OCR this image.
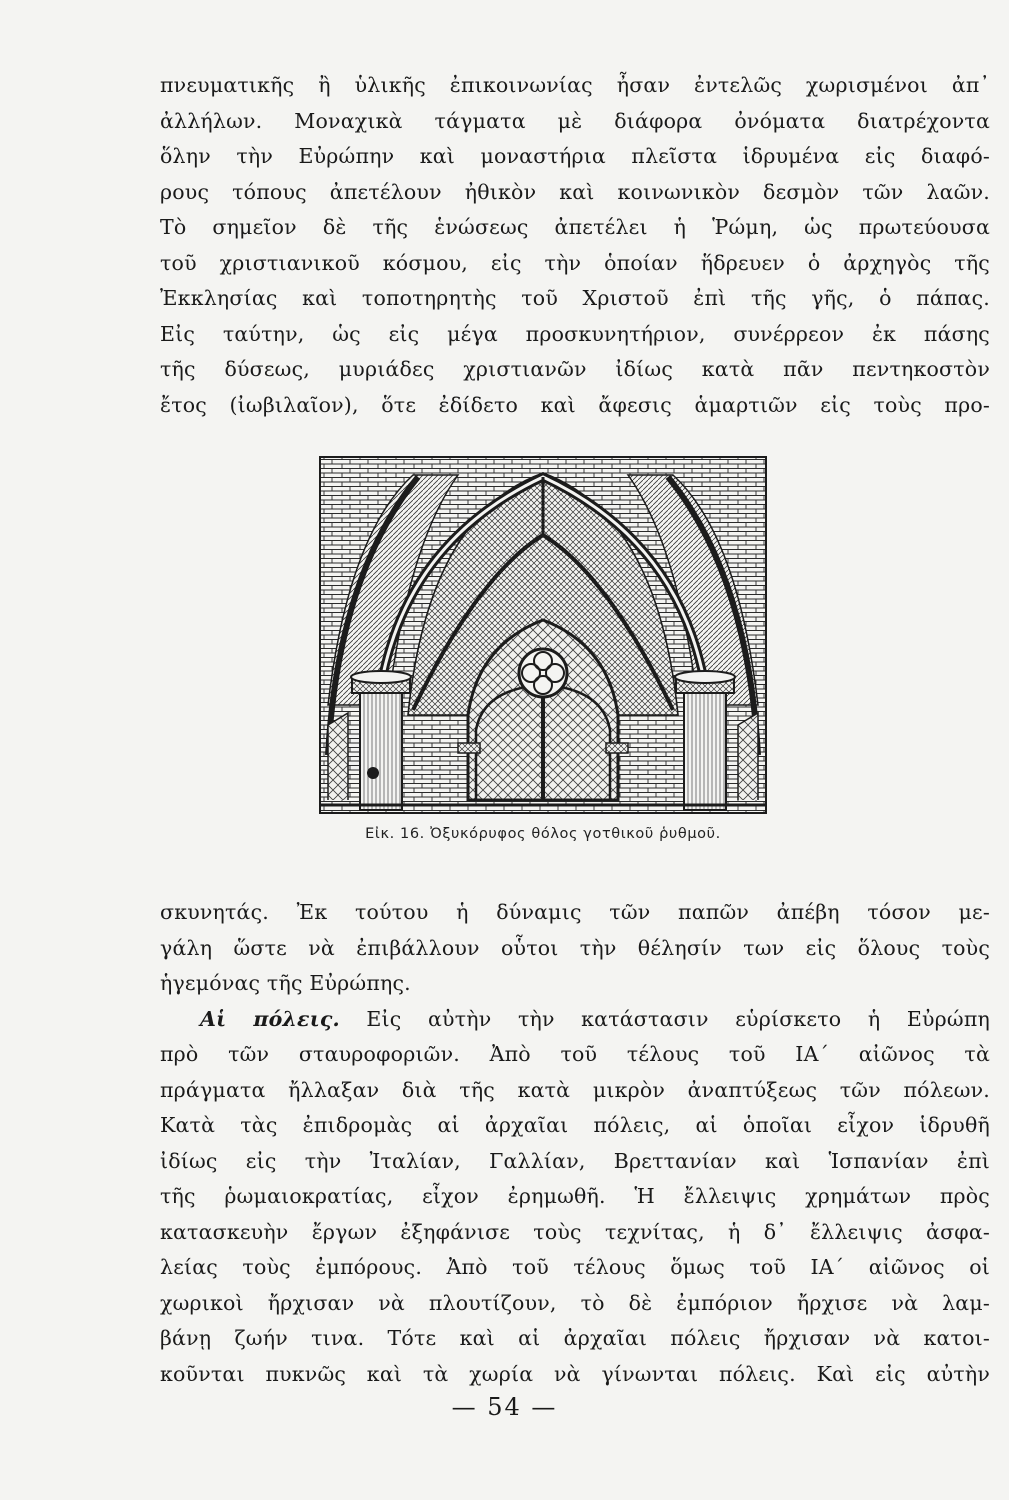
πνευματικῆς ἢ ὑλικῆς ἐπικοινωνίας ἦσαν ἐντελῶς χωρισμένοι ἀπ᾽
ἀλλήλων. Μοναχικὰ τάγματα μὲ διάφορα ὀνόματα διατρέχοντα
ὅλην τὴν Εὐρώπην καὶ μοναστήρια πλεῖστα ἱδρυμένα εἰς διαφό-
ρους τόπους ἀπετέλουν ἠθικὸν καὶ κοινωνικὸν δεσμὸν τῶν λαῶν.
Τὸ σημεῖον δὲ τῆς ἑνώσεως ἀπετέλει ἡ Ῥώμη, ὡς πρωτεύουσα
τοῦ χριστιανικοῦ κόσμου, εἰς τὴν ὁποίαν ἥδρευεν ὁ ἀρχηγὸς τῆς
Ἐκκλησίας καὶ τοποτηρητὴς τοῦ Χριστοῦ ἐπὶ τῆς γῆς, ὁ πάπας.
Εἰς ταύτην, ὡς εἰς μέγα προσκυνητήριον, συνέρρεον ἐκ πάσης
τῆς δύσεως, μυριάδες χριστιανῶν ἰδίως κατὰ πᾶν πεντηκοστὸν
ἔτος (ἰωβιλαῖον), ὅτε ἐδίδετο καὶ ἄφεσις ἁμαρτιῶν εἰς τοὺς προ-
Εἰκ. 16. Ὀξυκόρυφος θόλος γοτθικοῦ ῥυθμοῦ.
σκυνητάς. Ἐκ τούτου ἡ δύναμις τῶν παπῶν ἀπέβη τόσον με-
γάλη ὥστε νὰ ἐπιβάλλουν οὗτοι τὴν θέλησίν των εἰς ὅλους τοὺς
ἡγεμόνας τῆς Εὐρώπης.
Αἱ πόλεις. Εἰς αὐτὴν τὴν κατάστασιν εὑρίσκετο ἡ Εὐρώπη
πρὸ τῶν σταυροφοριῶν. Ἀπὸ τοῦ τέλους τοῦ ΙΑ´ αἰῶνος τὰ
πράγματα ἤλλαξαν διὰ τῆς κατὰ μικρὸν ἀναπτύξεως τῶν πόλεων.
Κατὰ τὰς ἐπιδρομὰς αἱ ἀρχαῖαι πόλεις, αἱ ὁποῖαι εἶχον ἱδρυθῆ
ἰδίως εἰς τὴν Ἰταλίαν, Γαλλίαν, Βρεττανίαν καὶ Ἱσπανίαν ἐπὶ
τῆς ῥωμαιοκρατίας, εἶχον ἐρημωθῆ. Ἡ ἔλλειψις χρημάτων πρὸς
κατασκευὴν ἔργων ἐξηφάνισε τοὺς τεχνίτας, ἡ δ᾽ ἔλλειψις ἀσφα-
λείας τοὺς ἐμπόρους. Ἀπὸ τοῦ τέλους ὅμως τοῦ ΙΑ´ αἰῶνος οἱ
χωρικοὶ ἤρχισαν νὰ πλουτίζουν, τὸ δὲ ἐμπόριον ἤρχισε νὰ λαμ-
βάνῃ ζωήν τινα. Τότε καὶ αἱ ἀρχαῖαι πόλεις ἤρχισαν νὰ κατοι-
κοῦνται πυκνῶς καὶ τὰ χωρία νὰ γίνωνται πόλεις. Καὶ εἰς αὐτὴν
— 54 —
